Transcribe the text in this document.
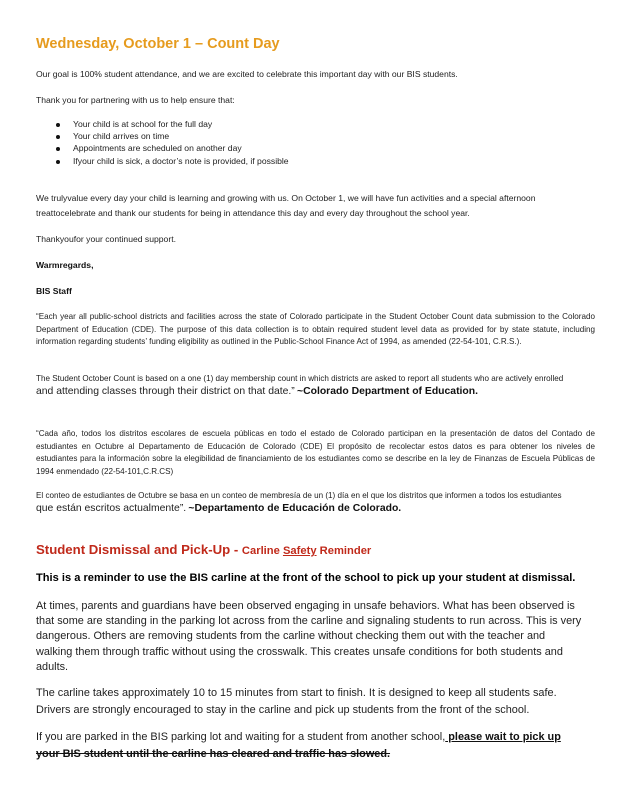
Wednesday, October 1 – Count Day

Our goal is 100% student attendance, and we are excited to celebrate this important day with our BIS students.

Thank you for partnering with us to help ensure that:

Your child is at school for the full day
Your child arrives on time
Appointments are scheduled on another day
Ifyour child is sick, a doctor’s note is provided, if possible

We trulyvalue every day your child is learning and growing with us. On October 1, we will have fun activities and a special afternoon treattocelebrate and thank our students for being in attendance this day and every day throughout the school year.

Thankyoufor your continued support.

Warmregards,

BIS Staff

“Each year all public-school districts and facilities across the state of Colorado participate in the Student October Count data submission to the Colorado Department of Education (CDE). The purpose of this data collection is to obtain required student level data as provided for by state statute, including information regarding students’ funding eligibility as outlined in the Public-School Finance Act of 1994, as amended (22-54-101, C.R.S.).

The Student October Count is based on a one (1) day membership count in which districts are asked to report all students who are actively enrolled
and attending classes through their district on that date.” ~Colorado Department of Education.

“Cada año, todos los distritos escolares de escuela públicas en todo el estado de Colorado participan en la presentación de datos del Contado de estudiantes en Octubre al Departamento de Educación de Colorado (CDE) El propósito de recolectar estos datos es para obtener los niveles de estudiantes para la información sobre la elegibilidad de financiamiento de los estudiantes como se describe en la ley de Finanzas de Escuela Públicas de 1994 enmendado (22-54-101,C.R.CS)

El conteo de estudiantes de Octubre se basa en un conteo de membresía de un (1) día en el que los distritos que informen a todos los estudiantes
que están escritos actualmente”. ~Departamento de Educación de Colorado.

Student Dismissal and Pick-Up - Carline Safety Reminder

This is a reminder to use the BIS carline at the front of the school to pick up your student at dismissal.

At times, parents and guardians have been observed engaging in unsafe behaviors. What has been observed is that some are standing in the parking lot across from the carline and signaling students to run across. This is very dangerous. Others are removing students from the carline without checking them out with the teacher and walking them through traffic without using the crosswalk. This creates unsafe conditions for both students and adults.

The carline takes approximately 10 to 15 minutes from start to finish. It is designed to keep all students safe. Drivers are strongly encouraged to stay in the carline and pick up students from the front of the school.

If you are parked in the BIS parking lot and waiting for a student from another school, please wait to pick up your BIS student until the carline has cleared and traffic has slowed.
